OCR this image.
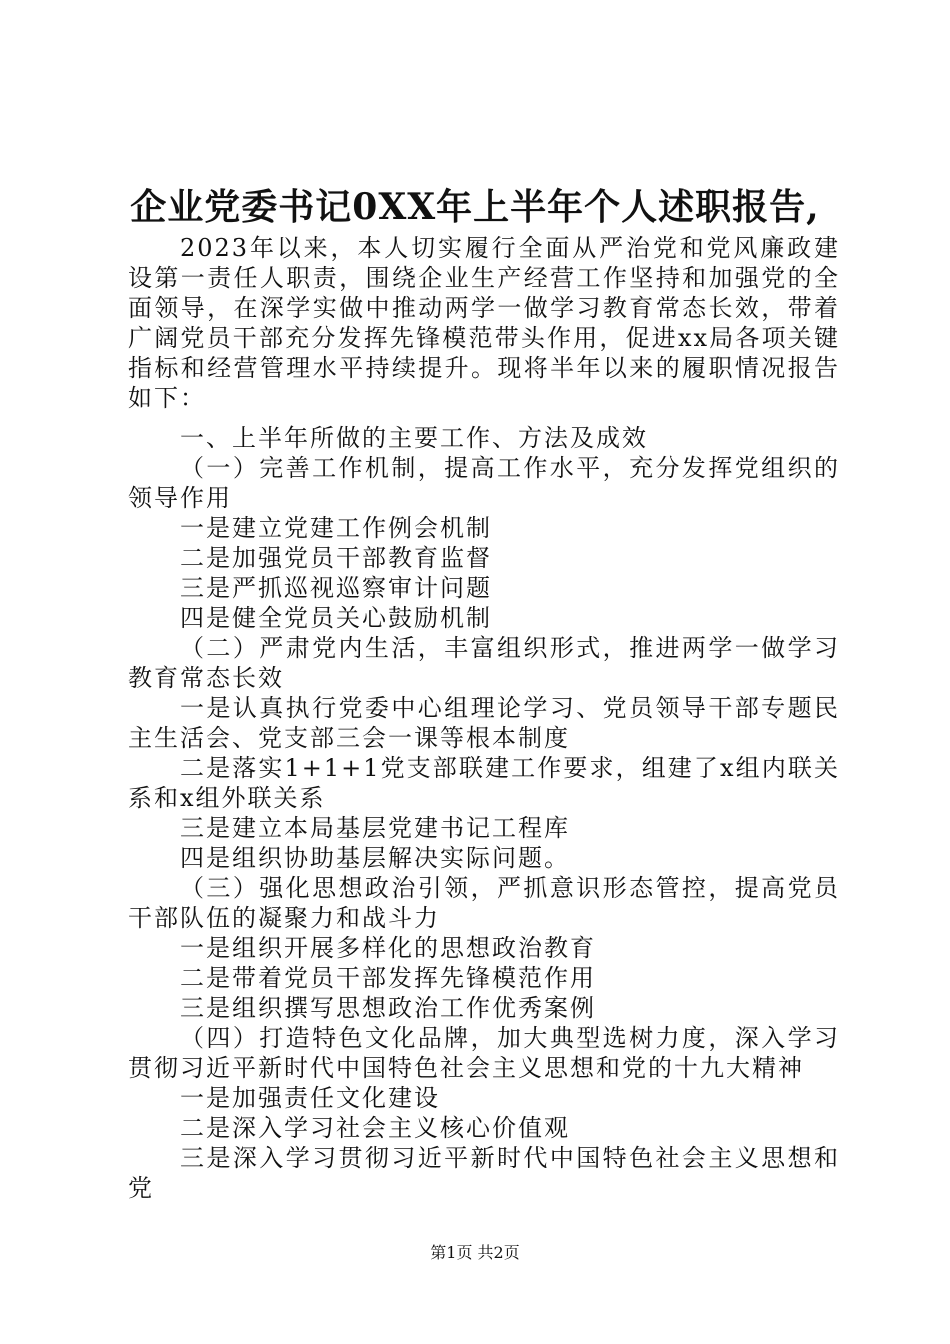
企业党委书记0XX年上半年个人述职报告,

2023年以来，本人切实履行全面从严治党和党风廉政建设第一责任人职责，围绕企业生产经营工作坚持和加强党的全面领导，在深学实做中推动两学一做学习教育常态长效，带着广阔党员干部充分发挥先锋模范带头作用，促进xx局各项关键指标和经营管理水平持续提升。现将半年以来的履职情况报告如下：

一、上半年所做的主要工作、方法及成效

（一）完善工作机制，提高工作水平，充分发挥党组织的领导作用

一是建立党建工作例会机制

二是加强党员干部教育监督

三是严抓巡视巡察审计问题

四是健全党员关心鼓励机制

（二）严肃党内生活，丰富组织形式，推进两学一做学习教育常态长效

一是认真执行党委中心组理论学习、党员领导干部专题民主生活会、党支部三会一课等根本制度

二是落实1+1+1党支部联建工作要求，组建了x组内联关系和x组外联关系

三是建立本局基层党建书记工程库

四是组织协助基层解决实际问题。

（三）强化思想政治引领，严抓意识形态管控，提高党员干部队伍的凝聚力和战斗力

一是组织开展多样化的思想政治教育

二是带着党员干部发挥先锋模范作用

三是组织撰写思想政治工作优秀案例

（四）打造特色文化品牌，加大典型选树力度，深入学习贯彻习近平新时代中国特色社会主义思想和党的十九大精神

一是加强责任文化建设

二是深入学习社会主义核心价值观

三是深入学习贯彻习近平新时代中国特色社会主义思想和党

第1页 共2页
